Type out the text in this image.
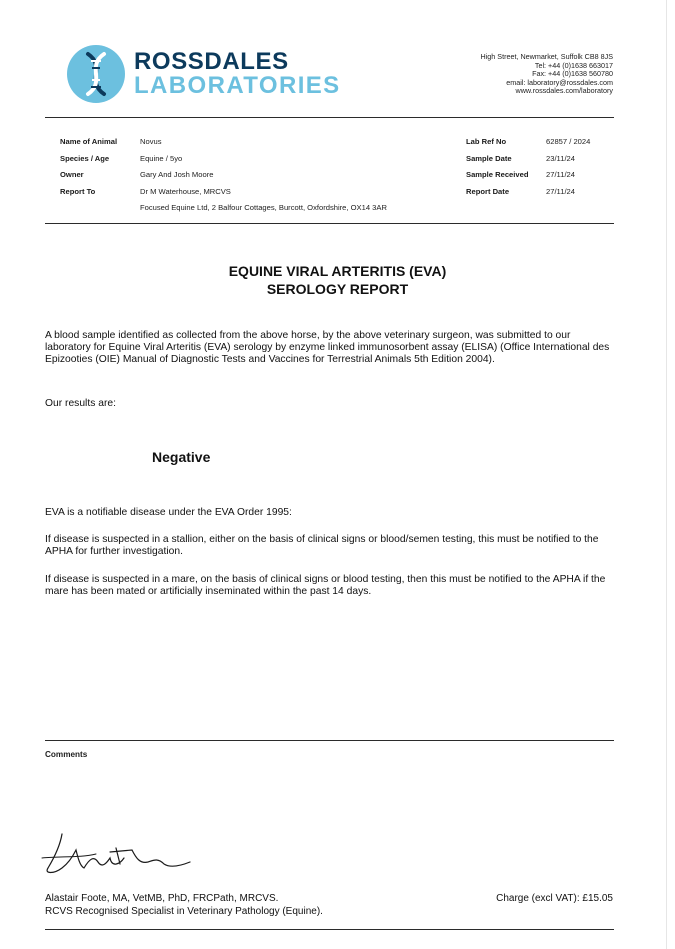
ROSSDALES
LABORATORIES
High Street, Newmarket, Suffolk CB8 8JS
Tel: +44 (0)1638 663017
Fax: +44 (0)1638 560780
email: laboratory@rossdales.com
www.rossdales.com/laboratory
Name of Animal	Novus
Species / Age	Equine / 5yo
Owner	Gary And Josh Moore
Report To	Dr M Waterhouse, MRCVS
Focused Equine Ltd, 2 Balfour Cottages, Burcott, Oxfordshire, OX14 3AR
Lab Ref No	62857 / 2024
Sample Date	23/11/24
Sample Received	27/11/24
Report Date	27/11/24
EQUINE VIRAL ARTERITIS (EVA)
SEROLOGY REPORT
A blood sample identified as collected from the above horse, by the above veterinary surgeon, was submitted to our laboratory for Equine Viral Arteritis (EVA) serology by enzyme linked immunosorbent assay (ELISA) (Office International des Epizooties (OIE) Manual of Diagnostic Tests and Vaccines for Terrestrial Animals 5th Edition 2004).
Our results are:
Negative
EVA is a notifiable disease under the EVA Order 1995:
If disease is suspected in a stallion, either on the basis of clinical signs or blood/semen testing, this must be notified to the APHA for further investigation.
If disease is suspected in a mare, on the basis of clinical signs or blood testing, then this must be notified to the APHA if the mare has been mated or artificially inseminated within the past 14 days.
Comments
Alastair Foote, MA, VetMB, PhD, FRCPath, MRCVS.
RCVS Recognised Specialist in Veterinary Pathology (Equine).
Charge (excl VAT): £15.05
